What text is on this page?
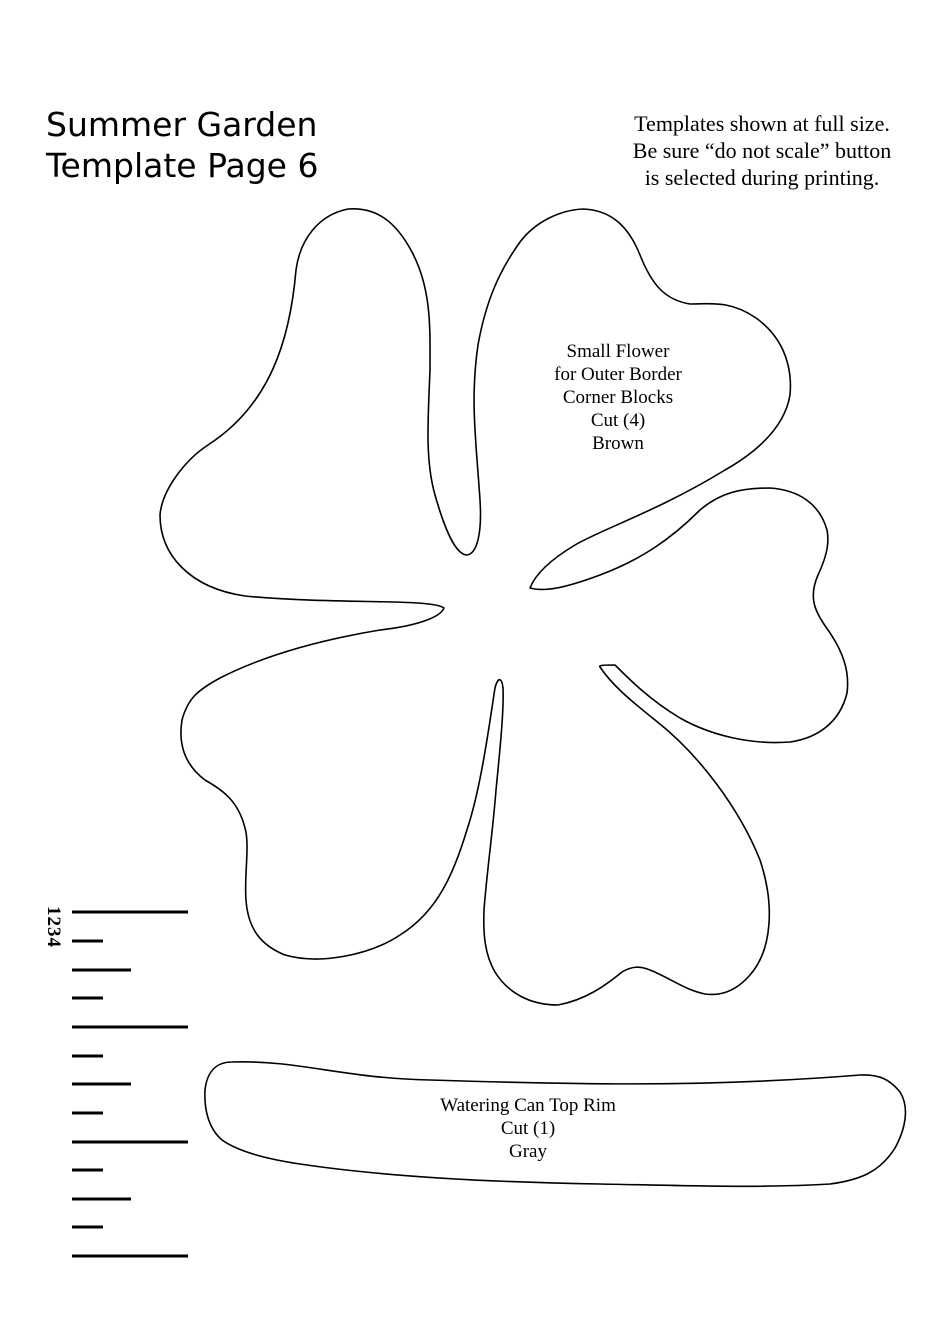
Summer Garden
Template Page 6
Templates shown at full size.
Be sure “do not scale” button
is selected during printing.
Small Flower
for Outer Border
Corner Blocks
Cut (4)
Brown
Watering Can Top Rim
Cut (1)
Gray
1234
